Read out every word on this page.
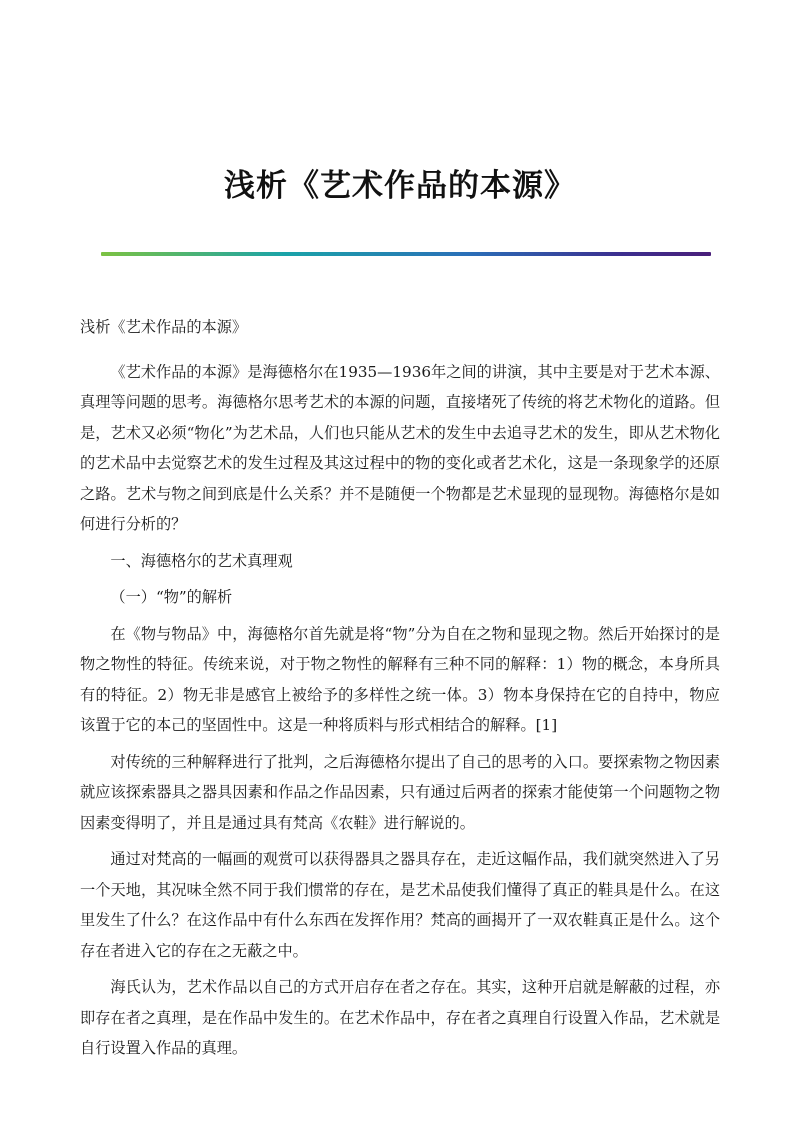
浅析《艺术作品的本源》

浅析《艺术作品的本源》

《艺术作品的本源》是海德格尔在1935—1936年之间的讲演，其中主要是对于艺术本源、真理等问题的思考。海德格尔思考艺术的本源的问题，直接堵死了传统的将艺术物化的道路。但是，艺术又必须“物化”为艺术品，人们也只能从艺术的发生中去追寻艺术的发生，即从艺术物化的艺术品中去觉察艺术的发生过程及其这过程中的物的变化或者艺术化，这是一条现象学的还原之路。艺术与物之间到底是什么关系？并不是随便一个物都是艺术显现的显现物。海德格尔是如何进行分析的？

一、海德格尔的艺术真理观

（一）“物”的解析

在《物与物品》中，海德格尔首先就是将“物”分为自在之物和显现之物。然后开始探讨的是物之物性的特征。传统来说，对于物之物性的解释有三种不同的解释：1）物的概念，本身所具有的特征。2）物无非是感官上被给予的多样性之统一体。3）物本身保持在它的自持中，物应该置于它的本己的坚固性中。这是一种将质料与形式相结合的解释。[1]

对传统的三种解释进行了批判，之后海德格尔提出了自己的思考的入口。要探索物之物因素就应该探索器具之器具因素和作品之作品因素，只有通过后两者的探索才能使第一个问题物之物因素变得明了，并且是通过具有梵高《农鞋》进行解说的。

通过对梵高的一幅画的观赏可以获得器具之器具存在，走近这幅作品，我们就突然进入了另一个天地，其况味全然不同于我们惯常的存在，是艺术品使我们懂得了真正的鞋具是什么。在这里发生了什么？在这作品中有什么东西在发挥作用？梵高的画揭开了一双农鞋真正是什么。这个存在者进入它的存在之无蔽之中。

海氏认为，艺术作品以自己的方式开启存在者之存在。其实，这种开启就是解蔽的过程，亦即存在者之真理，是在作品中发生的。在艺术作品中，存在者之真理自行设置入作品，艺术就是自行设置入作品的真理。
